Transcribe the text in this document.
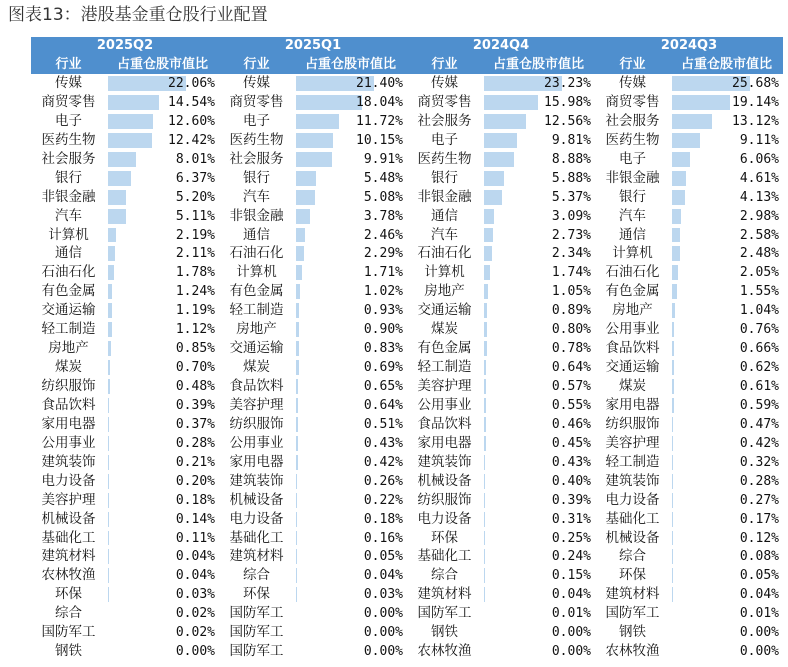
图表13：港股基金重仓股行业配置
2025Q2	2025Q1	2024Q4	2024Q3
行业	占重仓股市值比	行业	占重仓股市值比	行业	占重仓股市值比	行业	占重仓股市值比
传媒	22.06%	传媒	21.40%	传媒	23.23%	传媒	25.68%
商贸零售	14.54%	商贸零售	18.04%	商贸零售	15.98%	商贸零售	19.14%
电子	12.60%	电子	11.72%	社会服务	12.56%	社会服务	13.12%
医药生物	12.42%	医药生物	10.15%	电子	9.81%	医药生物	9.11%
社会服务	8.01%	社会服务	9.91%	医药生物	8.88%	电子	6.06%
银行	6.37%	银行	5.48%	银行	5.88%	非银金融	4.61%
非银金融	5.20%	汽车	5.08%	非银金融	5.37%	银行	4.13%
汽车	5.11%	非银金融	3.78%	通信	3.09%	汽车	2.98%
计算机	2.19%	通信	2.46%	汽车	2.73%	通信	2.58%
通信	2.11%	石油石化	2.29%	石油石化	2.34%	计算机	2.48%
石油石化	1.78%	计算机	1.71%	计算机	1.74%	石油石化	2.05%
有色金属	1.24%	有色金属	1.02%	房地产	1.05%	有色金属	1.55%
交通运输	1.19%	轻工制造	0.93%	交通运输	0.89%	房地产	1.04%
轻工制造	1.12%	房地产	0.90%	煤炭	0.80%	公用事业	0.76%
房地产	0.85%	交通运输	0.83%	有色金属	0.78%	食品饮料	0.66%
煤炭	0.70%	煤炭	0.69%	轻工制造	0.64%	交通运输	0.62%
纺织服饰	0.48%	食品饮料	0.65%	美容护理	0.57%	煤炭	0.61%
食品饮料	0.39%	美容护理	0.64%	公用事业	0.55%	家用电器	0.59%
家用电器	0.37%	纺织服饰	0.51%	食品饮料	0.46%	纺织服饰	0.47%
公用事业	0.28%	公用事业	0.43%	家用电器	0.45%	美容护理	0.42%
建筑装饰	0.21%	家用电器	0.42%	建筑装饰	0.43%	轻工制造	0.32%
电力设备	0.20%	建筑装饰	0.26%	机械设备	0.40%	建筑装饰	0.28%
美容护理	0.18%	机械设备	0.22%	纺织服饰	0.39%	电力设备	0.27%
机械设备	0.14%	电力设备	0.18%	电力设备	0.31%	基础化工	0.17%
基础化工	0.11%	基础化工	0.16%	环保	0.25%	机械设备	0.12%
建筑材料	0.04%	建筑材料	0.05%	基础化工	0.24%	综合	0.08%
农林牧渔	0.04%	综合	0.04%	综合	0.15%	环保	0.05%
环保	0.03%	环保	0.03%	建筑材料	0.04%	建筑材料	0.04%
综合	0.02%	国防军工	0.00%	国防军工	0.01%	国防军工	0.01%
国防军工	0.02%	国防军工	0.00%	钢铁	0.00%	钢铁	0.00%
钢铁	0.00%	国防军工	0.00%	农林牧渔	0.00%	农林牧渔	0.00%
